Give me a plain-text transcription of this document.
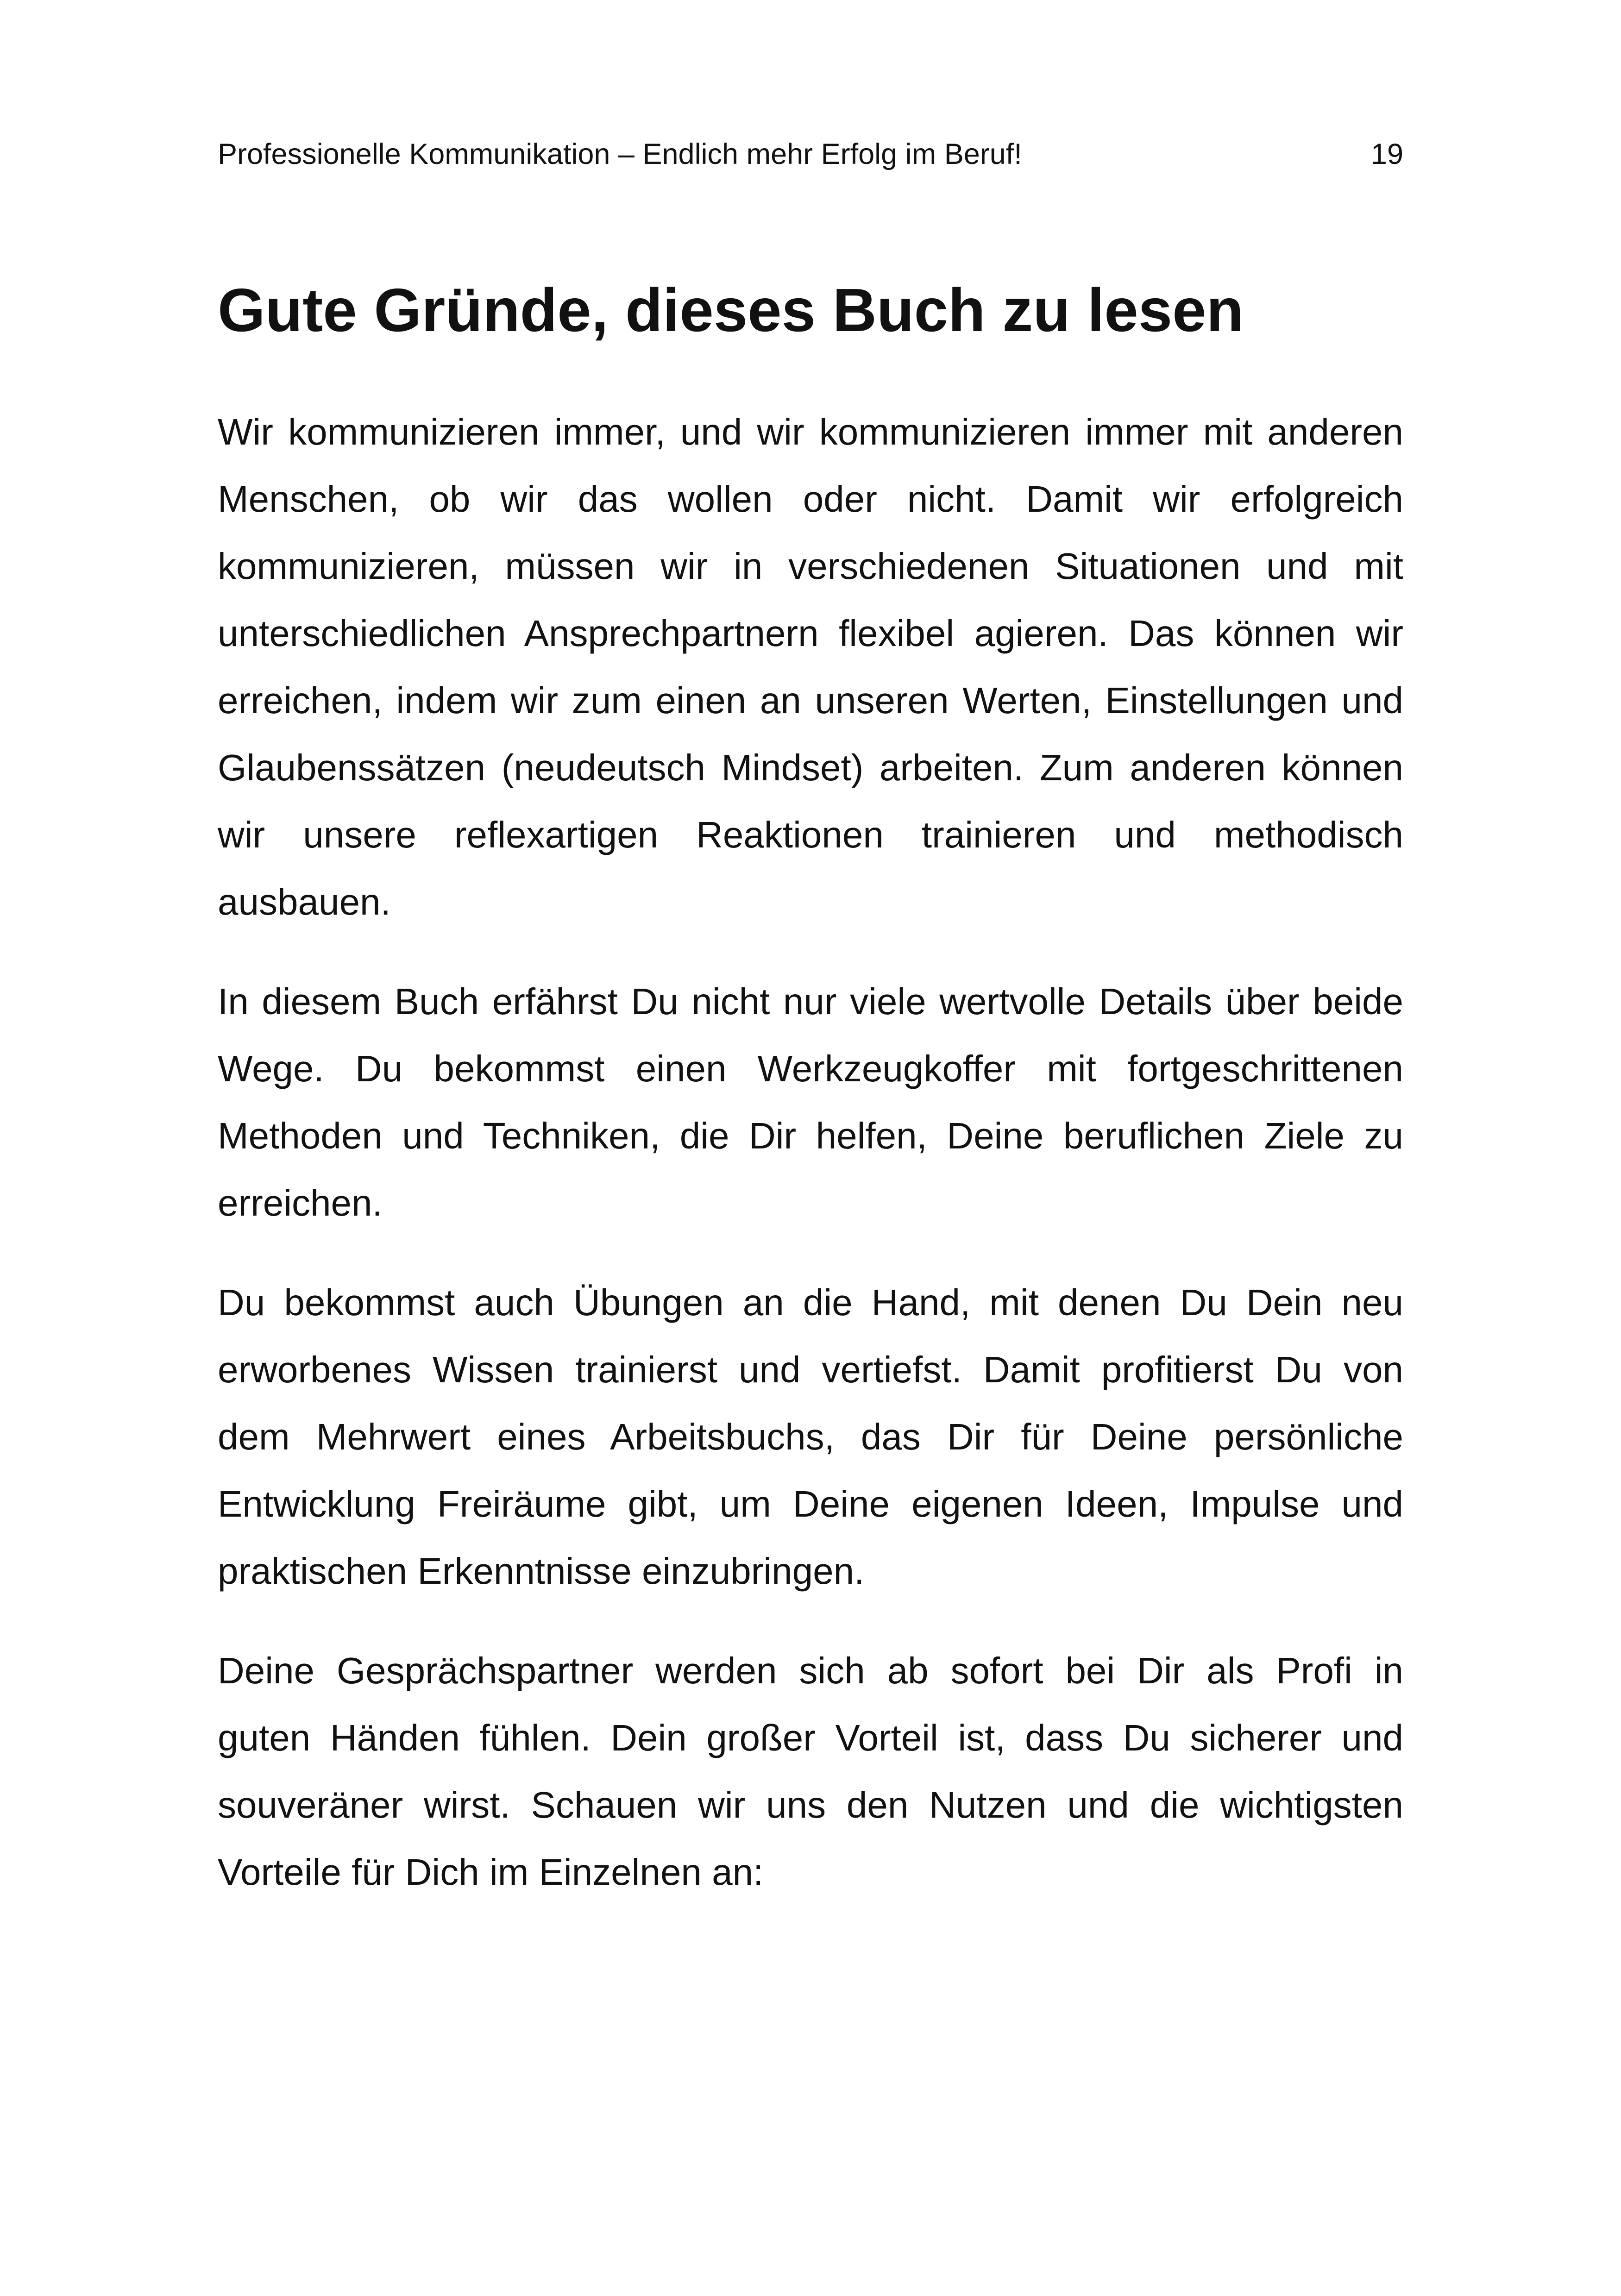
Professionelle Kommunikation – Endlich mehr Erfolg im Beruf!	19
Gute Gründe, dieses Buch zu lesen

Wir kommunizieren immer, und wir kommunizieren immer mit anderen
Menschen, ob wir das wollen oder nicht. Damit wir erfolgreich
kommunizieren, müssen wir in verschiedenen Situationen und mit
unterschiedlichen Ansprechpartnern flexibel agieren. Das können wir
erreichen, indem wir zum einen an unseren Werten, Einstellungen und
Glaubenssätzen (neudeutsch Mindset) arbeiten. Zum anderen können
wir unsere reflexartigen Reaktionen trainieren und methodisch
ausbauen.

In diesem Buch erfährst Du nicht nur viele wertvolle Details über beide
Wege. Du bekommst einen Werkzeugkoffer mit fortgeschrittenen
Methoden und Techniken, die Dir helfen, Deine beruflichen Ziele zu
erreichen.

Du bekommst auch Übungen an die Hand, mit denen Du Dein neu
erworbenes Wissen trainierst und vertiefst. Damit profitierst Du von
dem Mehrwert eines Arbeitsbuchs, das Dir für Deine persönliche
Entwicklung Freiräume gibt, um Deine eigenen Ideen, Impulse und
praktischen Erkenntnisse einzubringen.

Deine Gesprächspartner werden sich ab sofort bei Dir als Profi in
guten Händen fühlen. Dein großer Vorteil ist, dass Du sicherer und
souveräner wirst. Schauen wir uns den Nutzen und die wichtigsten
Vorteile für Dich im Einzelnen an:
